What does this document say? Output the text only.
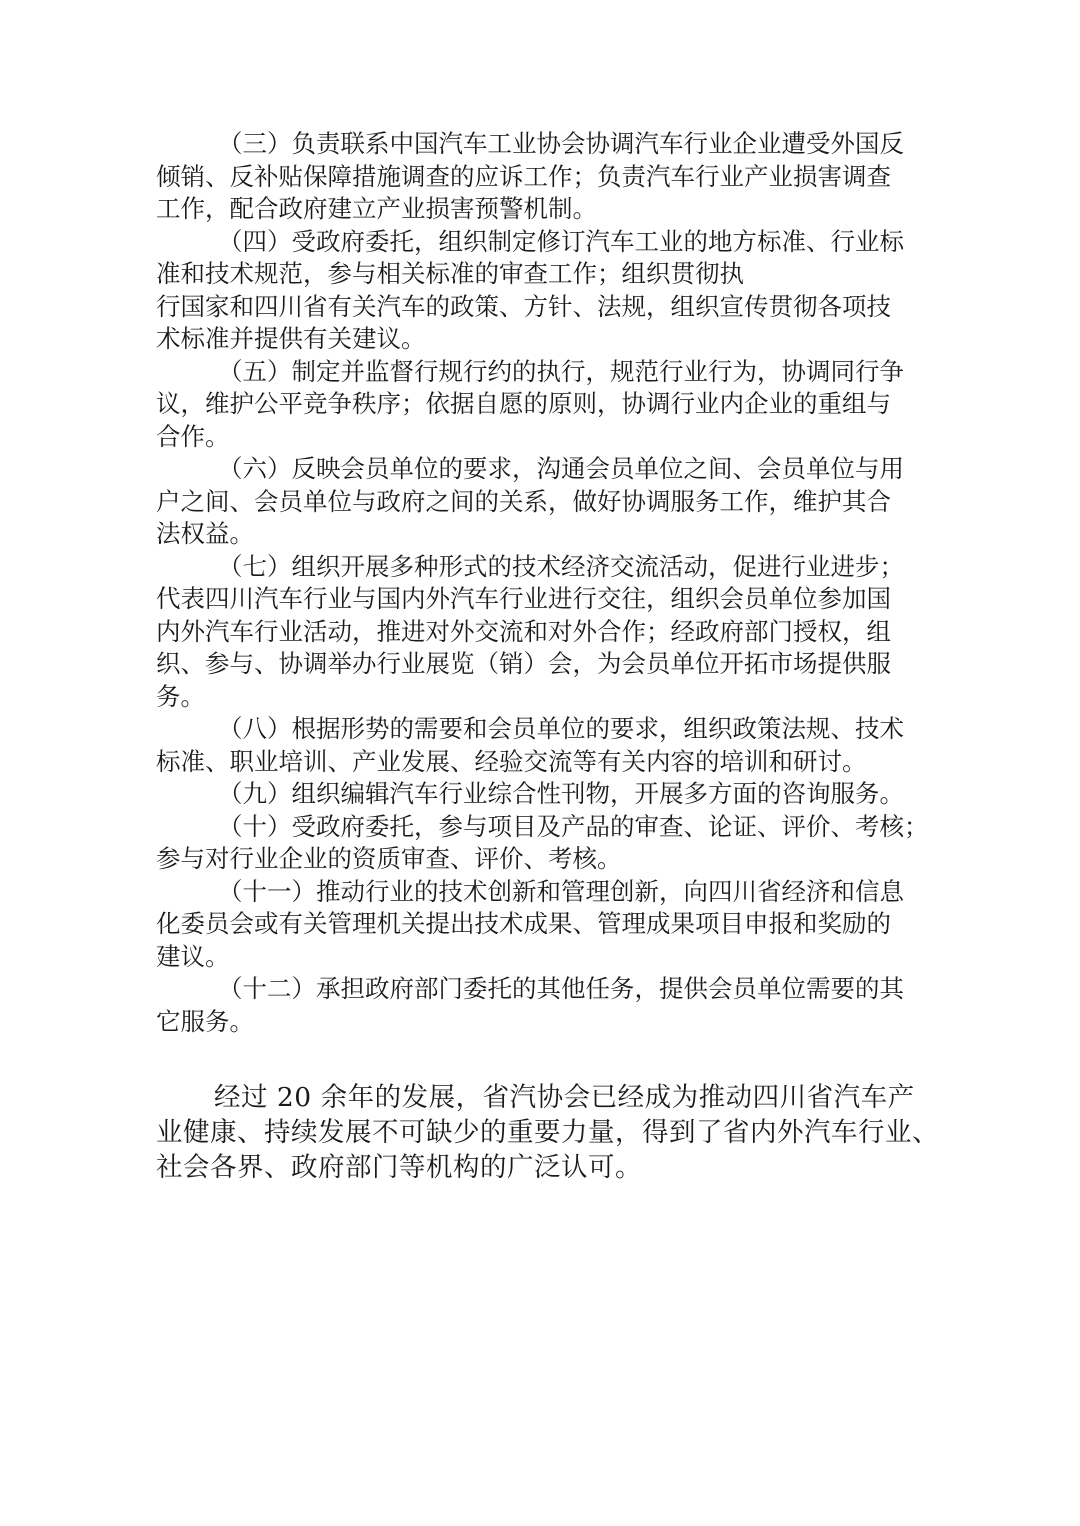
（三）负责联系中国汽车工业协会协调汽车行业企业遭受外国反
倾销、反补贴保障措施调查的应诉工作；负责汽车行业产业损害调查
工作，配合政府建立产业损害预警机制。

（四）受政府委托，组织制定修订汽车工业的地方标准、行业标
准和技术规范，参与相关标准的审查工作；组织贯彻执
行国家和四川省有关汽车的政策、方针、法规，组织宣传贯彻各项技
术标准并提供有关建议。

（五）制定并监督行规行约的执行，规范行业行为，协调同行争
议，维护公平竞争秩序；依据自愿的原则，协调行业内企业的重组与
合作。

（六）反映会员单位的要求，沟通会员单位之间、会员单位与用
户之间、会员单位与政府之间的关系，做好协调服务工作，维护其合
法权益。

（七）组织开展多种形式的技术经济交流活动，促进行业进步；
代表四川汽车行业与国内外汽车行业进行交往，组织会员单位参加国
内外汽车行业活动，推进对外交流和对外合作；经政府部门授权，组
织、参与、协调举办行业展览（销）会，为会员单位开拓市场提供服
务。

（八）根据形势的需要和会员单位的要求，组织政策法规、技术
标准、职业培训、产业发展、经验交流等有关内容的培训和研讨。

（九）组织编辑汽车行业综合性刊物，开展多方面的咨询服务。

（十）受政府委托，参与项目及产品的审查、论证、评价、考核；
参与对行业企业的资质审查、评价、考核。

（十一）推动行业的技术创新和管理创新，向四川省经济和信息
化委员会或有关管理机关提出技术成果、管理成果项目申报和奖励的
建议。

（十二）承担政府部门委托的其他任务，提供会员单位需要的其
它服务。

经过 20 余年的发展，省汽协会已经成为推动四川省汽车产
业健康、持续发展不可缺少的重要力量，得到了省内外汽车行业、
社会各界、政府部门等机构的广泛认可。
